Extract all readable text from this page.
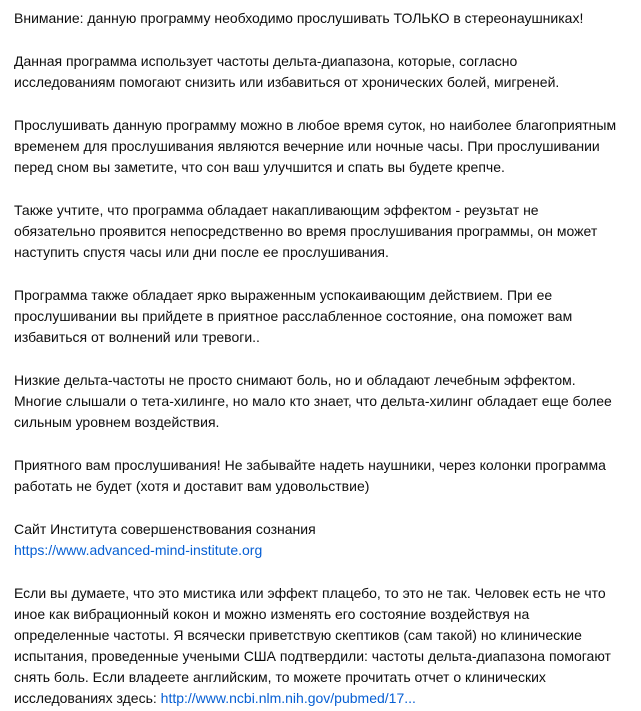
Внимание: данную программу необходимо прослушивать ТОЛЬКО в стереонаушниках!

Данная программа использует частоты дельта-диапазона, которые, согласно
исследованиям помогают снизить или избавиться от хронических болей, мигреней.

Прослушивать данную программу можно в любое время суток, но наиболее благоприятным
временем для прослушивания являются вечерние или ночные часы. При прослушивании
перед сном вы заметите, что сон ваш улучшится и спать вы будете крепче.

Также учтите, что программа обладает накапливающим эффектом - реузьтат не
обязательно проявится непосредственно во время прослушивания программы, он может
наступить спустя часы или дни после ее прослушивания.

Программа также обладает ярко выраженным успокаивающим действием. При ее
прослушивании вы прийдете в приятное расслабленное состояние, она поможет вам
избавиться от волнений или тревоги..

Низкие дельта-частоты не просто снимают боль, но и обладают лечебным эффектом.
Многие слышали о тета-хилинге, но мало кто знает, что дельта-хилинг обладает еще более
сильным уровнем воздействия.

Приятного вам прослушивания! Не забывайте надеть наушники, через колонки программа
работать не будет (хотя и доставит вам удовольствие)

Сайт Института совершенствования сознания
https://www.advanced-mind-institute.org

Если вы думаете, что это мистика или эффект плацебо, то это не так. Человек есть не что
иное как вибрационный кокон и можно изменять его состояние воздействуя на
определенные частоты. Я всячески приветствую скептиков (сам такой) но клинические
испытания, проведенные учеными США подтвердили: частоты дельта-диапазона помогают
снять боль. Если владеете английским, то можете прочитать отчет о клинических
исследованиях здесь: http://www.ncbi.nlm.nih.gov/pubmed/17...
